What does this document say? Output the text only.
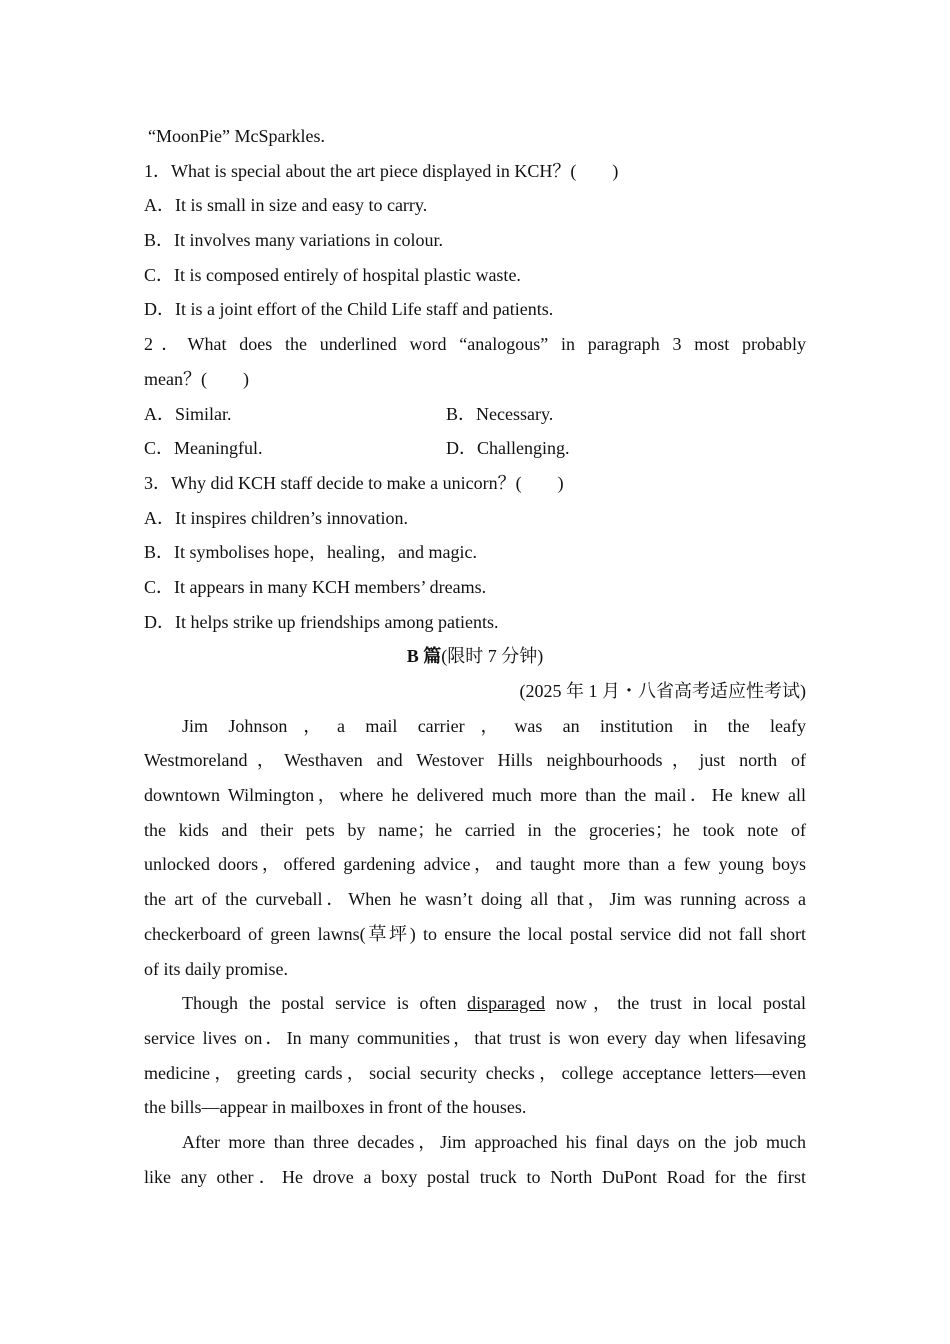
“MoonPie” McSparkles.
1．What is special about the art piece displayed in KCH？(　　)
A．It is small in size and easy to carry.
B．It involves many variations in colour.
C．It is composed entirely of hospital plastic waste.
D．It is a joint effort of the Child Life staff and patients.
2．What does the underlined word “analogous” in paragraph 3 most probably
mean？(　　)
A．Similar.	B．Necessary.
C．Meaningful.	D．Challenging.
3．Why did KCH staff decide to make a unicorn？(　　)
A．It inspires children’s innovation.
B．It symbolises hope，healing，and magic.
C．It appears in many KCH members’ dreams.
D．It helps strike up friendships among patients.
B 篇(限时 7 分钟)
(2025 年 1 月・八省高考适应性考试)
Jim Johnson，a mail carrier，was an institution in the leafy
Westmoreland，Westhaven and Westover Hills neighbourhoods，just north of
downtown Wilmington，where he delivered much more than the mail．He knew all
the kids and their pets by name；he carried in the groceries；he took note of
unlocked doors，offered gardening advice，and taught more than a few young boys
the art of the curveball．When he wasn’t doing all that，Jim was running across a
checkerboard of green lawns(草坪) to ensure the local postal service did not fall short
of its daily promise.
Though the postal service is often disparaged now，the trust in local postal
service lives on．In many communities，that trust is won every day when lifesaving
medicine，greeting cards，social security checks，college acceptance letters—even
the bills—appear in mailboxes in front of the houses.
After more than three decades，Jim approached his final days on the job much
like any other．He drove a boxy postal truck to North DuPont Road for the first
